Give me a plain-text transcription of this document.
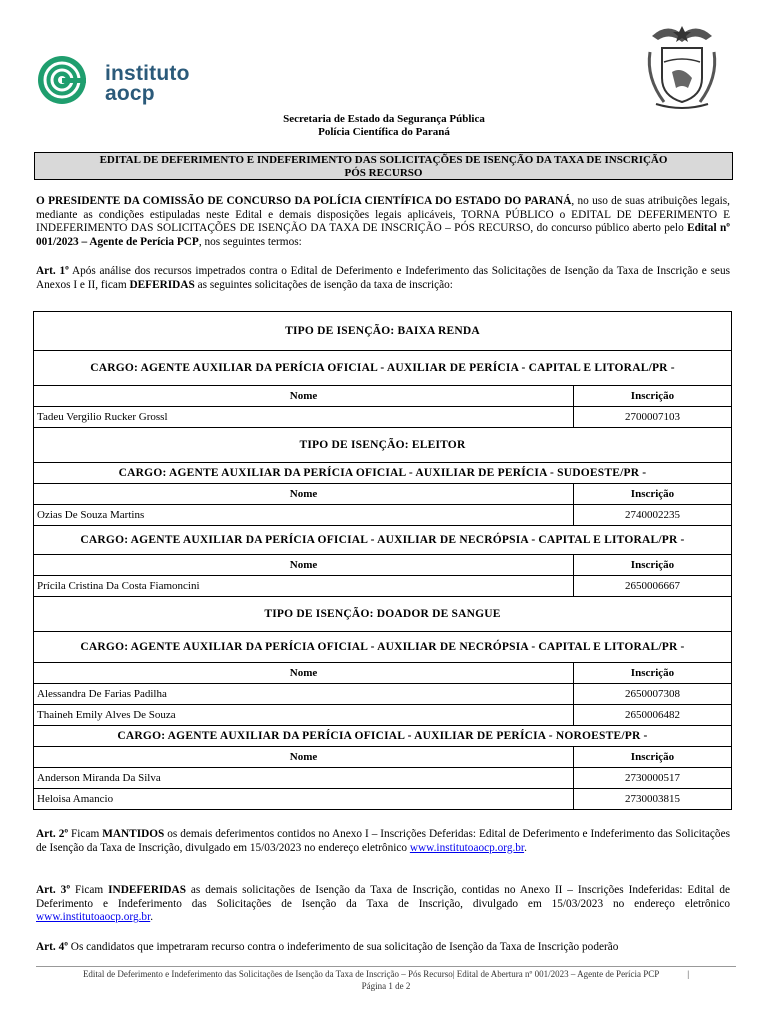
instituto
aocp
Secretaria de Estado da Segurança Pública
Polícia Científica do Paraná
EDITAL DE DEFERIMENTO E INDEFERIMENTO DAS SOLICITAÇÕES DE ISENÇÃO DA TAXA DE INSCRIÇÃO
PÓS RECURSO
O PRESIDENTE DA COMISSÃO DE CONCURSO DA POLÍCIA CIENTÍFICA DO ESTADO DO PARANÁ, no uso de suas atribuições legais, mediante as condições estipuladas neste Edital e demais disposições legais aplicáveis, TORNA PÚBLICO o EDITAL DE DEFERIMENTO E INDEFERIMENTO DAS SOLICITAÇÕES DE ISENÇÃO DA TAXA DE INSCRIÇÃO – PÓS RECURSO, do concurso público aberto pelo Edital nº 001/2023 – Agente de Perícia PCP, nos seguintes termos:
Art. 1º Após análise dos recursos impetrados contra o Edital de Deferimento e Indeferimento das Solicitações de Isenção da Taxa de Inscrição e seus Anexos I e II, ficam DEFERIDAS as seguintes solicitações de isenção da taxa de inscrição:
TIPO DE ISENÇÃO: BAIXA RENDA	
CARGO: AGENTE AUXILIAR DA PERÍCIA OFICIAL - AUXILIAR DE PERÍCIA - CAPITAL E LITORAL/PR -	
Nome	Inscrição
Tadeu Vergilio Rucker Grossl	2700007103
TIPO DE ISENÇÃO: ELEITOR	
CARGO: AGENTE AUXILIAR DA PERÍCIA OFICIAL - AUXILIAR DE PERÍCIA - SUDOESTE/PR -	
Nome	Inscrição
Ozias De Souza Martins	2740002235
CARGO: AGENTE AUXILIAR DA PERÍCIA OFICIAL - AUXILIAR DE NECRÓPSIA - CAPITAL E LITORAL/PR -	
Nome	Inscrição
Prícila Cristina Da Costa Fiamoncini	2650006667
TIPO DE ISENÇÃO: DOADOR DE SANGUE	
CARGO: AGENTE AUXILIAR DA PERÍCIA OFICIAL - AUXILIAR DE NECRÓPSIA - CAPITAL E LITORAL/PR -	
Nome	Inscrição
Alessandra De Farias Padilha	2650007308
Thaineh Emily Alves De Souza	2650006482
CARGO: AGENTE AUXILIAR DA PERÍCIA OFICIAL - AUXILIAR DE PERÍCIA - NOROESTE/PR -	
Nome	Inscrição
Anderson Miranda Da Silva	2730000517
Heloisa Amancio	2730003815
Art. 2º Ficam MANTIDOS os demais deferimentos contidos no Anexo I – Inscrições Deferidas: Edital de Deferimento e Indeferimento das Solicitações de Isenção da Taxa de Inscrição, divulgado em 15/03/2023 no endereço eletrônico www.institutoaocp.org.br.
Art. 3º Ficam INDEFERIDAS as demais solicitações de Isenção da Taxa de Inscrição, contidas no Anexo II – Inscrições Indeferidas: Edital de Deferimento e Indeferimento das Solicitações de Isenção da Taxa de Inscrição, divulgado em 15/03/2023 no endereço eletrônico www.institutoaocp.org.br.
Art. 4º Os candidatos que impetraram recurso contra o indeferimento de sua solicitação de Isenção da Taxa de Inscrição poderão
Edital de Deferimento e Indeferimento das Solicitações de Isenção da Taxa de Inscrição – Pós Recurso| Edital de Abertura nº 001/2023 – Agente de Perícia PCP	|
Página 1 de 2
